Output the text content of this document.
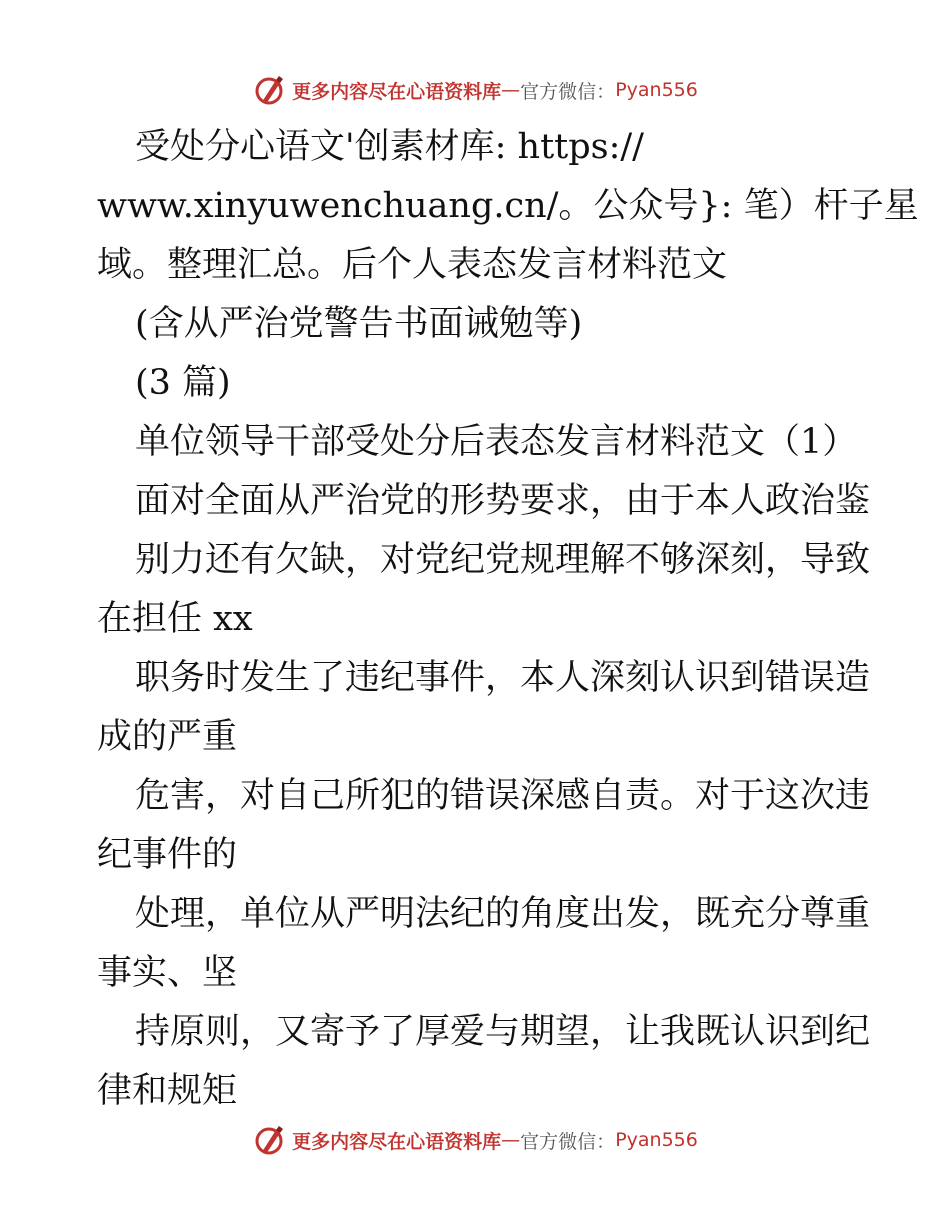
更多内容尽在心语资料库 — 官方微信 ： Pyan556

受处分心语文'创素材库: https://

www.xinyuwenchuang.cn/。公众号}: 笔）杆子星

域。整理汇总。后个人表态发言材料范文

(含从严治党警告书面诫勉等)

(3 篇)

单位领导干部受处分后表态发言材料范文（1）

面对全面从严治党的形势要求，由于本人政治鉴

别力还有欠缺，对党纪党规理解不够深刻，导致

在担任 xx

职务时发生了违纪事件，本人深刻认识到错误造

成的严重

危害，对自己所犯的错误深感自责。对于这次违

纪事件的

处理，单位从严明法纪的角度出发，既充分尊重

事实、坚

持原则，又寄予了厚爱与期望，让我既认识到纪

律和规矩

更多内容尽在心语资料库 — 官方微信 ： Pyan556
